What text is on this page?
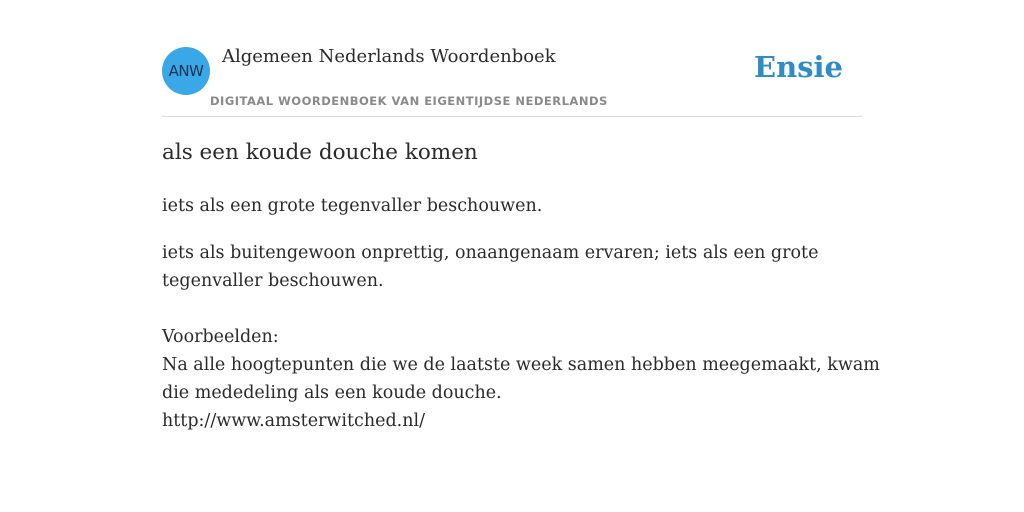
ANW
Algemeen Nederlands Woordenboek
DIGITAAL WOORDENBOEK VAN EIGENTIJDSE NEDERLANDS
Ensie
als een koude douche komen
iets als een grote tegenvaller beschouwen.
iets als buitengewoon onprettig, onaangenaam ervaren; iets als een grote
tegenvaller beschouwen.
Voorbeelden:
Na alle hoogtepunten die we de laatste week samen hebben meegemaakt, kwam
die mededeling als een koude douche.
http://www.amsterwitched.nl/
